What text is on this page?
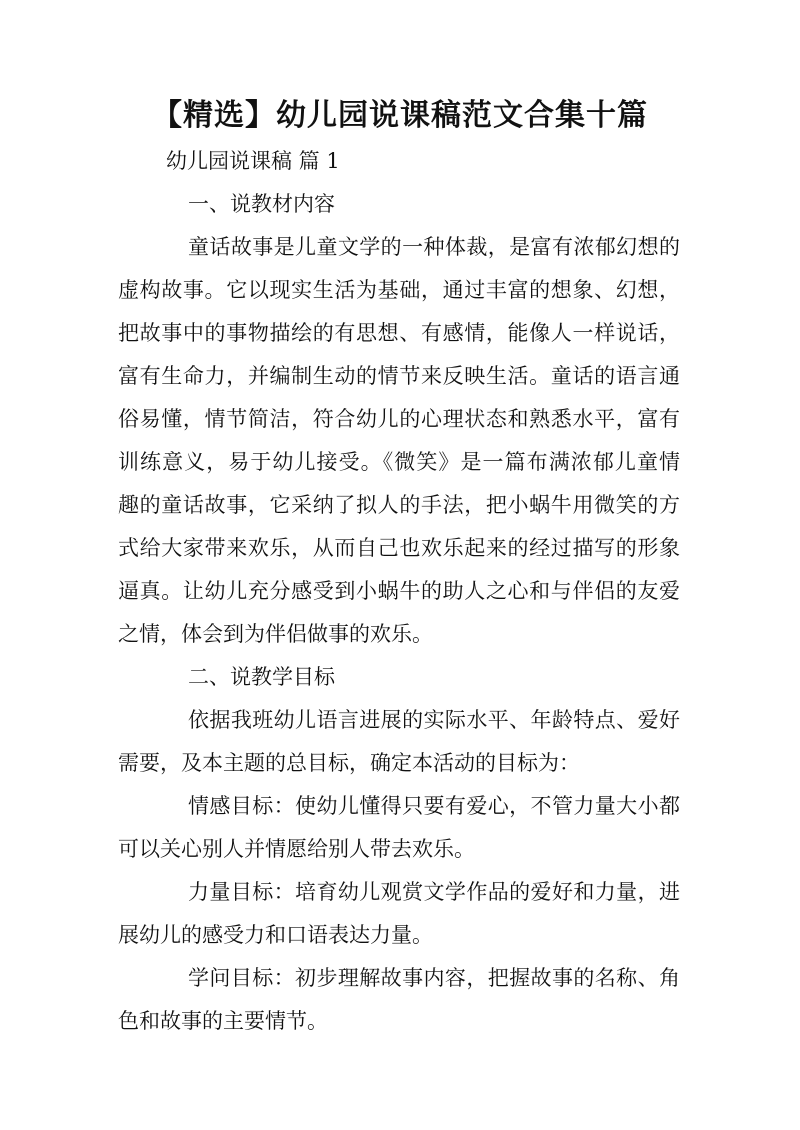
【精选】幼儿园说课稿范文合集十篇
幼儿园说课稿 篇 1
一、说教材内容
童话故事是儿童文学的一种体裁，是富有浓郁幻想的
虚构故事。它以现实生活为基础，通过丰富的想象、幻想，
把故事中的事物描绘的有思想、有感情，能像人一样说话，
富有生命力，并编制生动的情节来反映生活。童话的语言通
俗易懂，情节简洁，符合幼儿的心理状态和熟悉水平，富有
训练意义，易于幼儿接受。《微笑》是一篇布满浓郁儿童情
趣的童话故事，它采纳了拟人的手法，把小蜗牛用微笑的方
式给大家带来欢乐，从而自己也欢乐起来的经过描写的形象
逼真。让幼儿充分感受到小蜗牛的助人之心和与伴侣的友爱
之情，体会到为伴侣做事的欢乐。
二、说教学目标
依据我班幼儿语言进展的实际水平、年龄特点、爱好
需要，及本主题的总目标，确定本活动的目标为：
情感目标：使幼儿懂得只要有爱心，不管力量大小都
可以关心别人并情愿给别人带去欢乐。
力量目标：培育幼儿观赏文学作品的爱好和力量，进
展幼儿的感受力和口语表达力量。
学问目标：初步理解故事内容，把握故事的名称、角
色和故事的主要情节。
